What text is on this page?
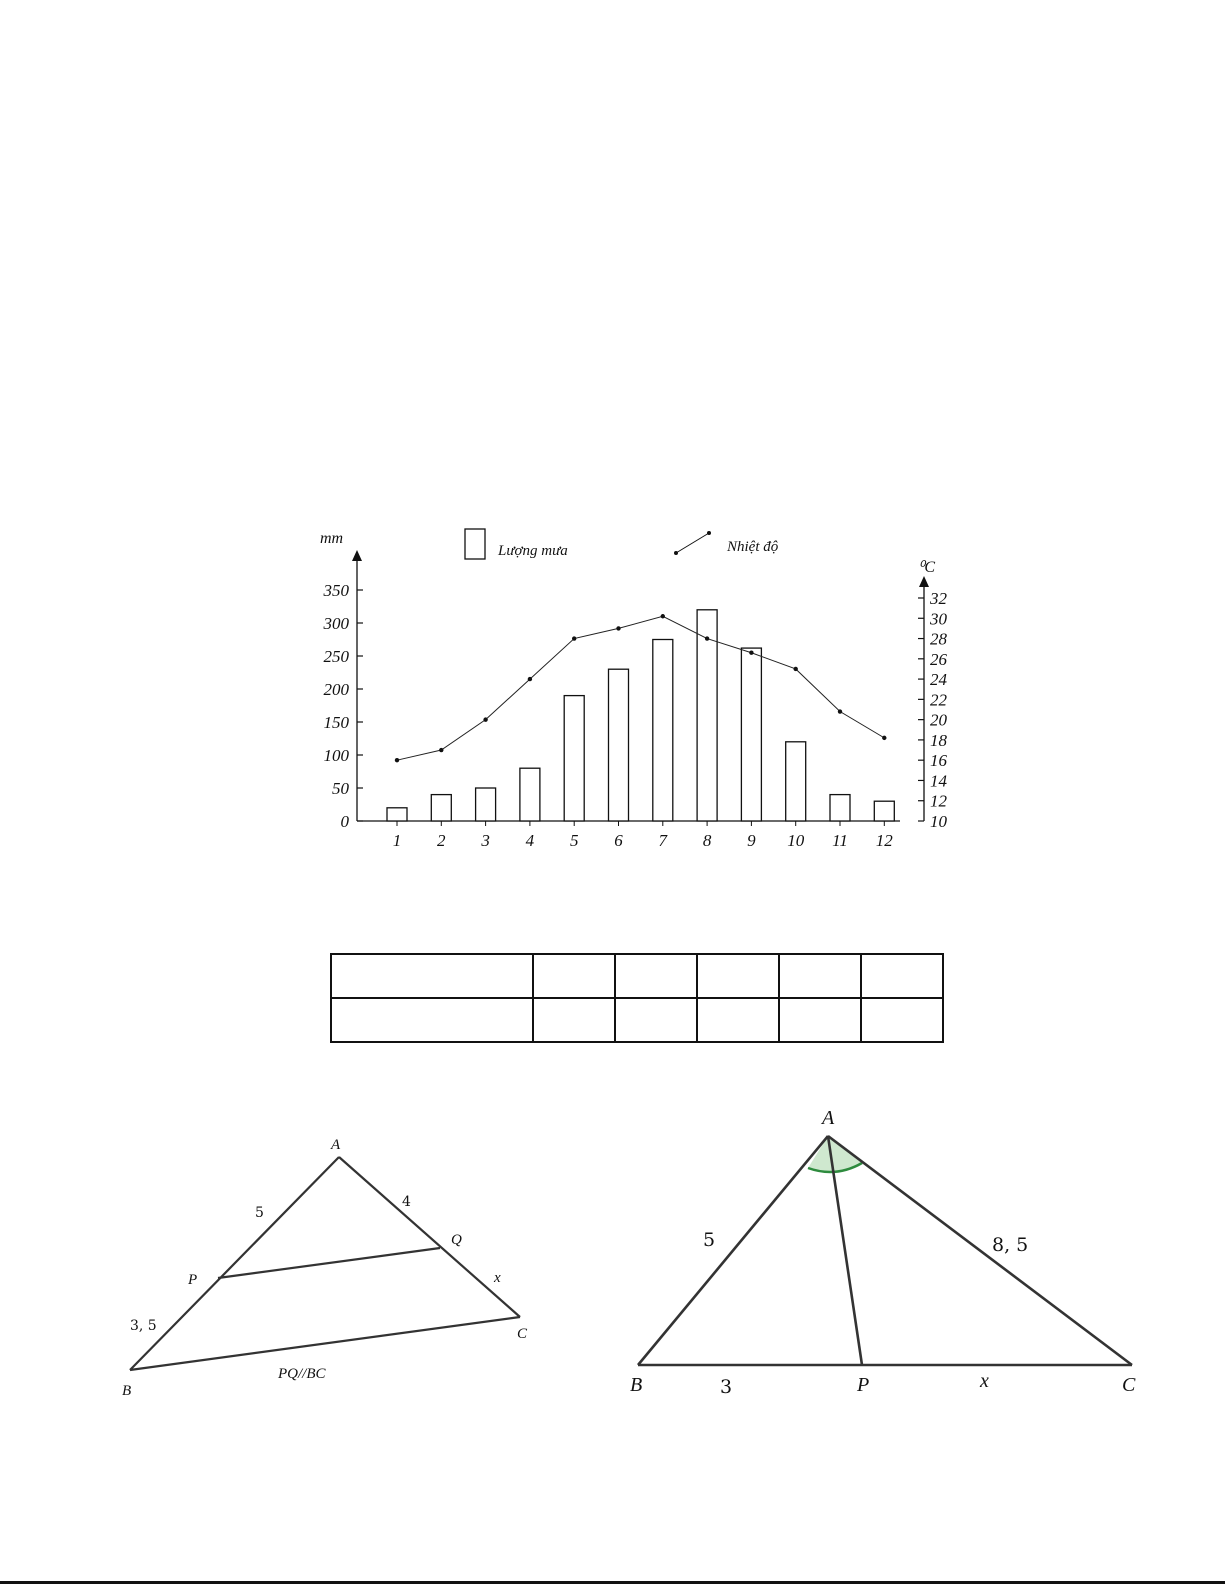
Lượng mưa	Nhiệt độ
mm
⁰C
0
50
100
150
200
250
300
350
10
12
14
16
18
20
22
24
26
28
30
32
1 2 3 4 5 6 7 8 9 10 11 12

A
B
C
P
Q
5
4
3, 5
x
PQ//BC
A
B	C
P
5	8, 5
3	x
